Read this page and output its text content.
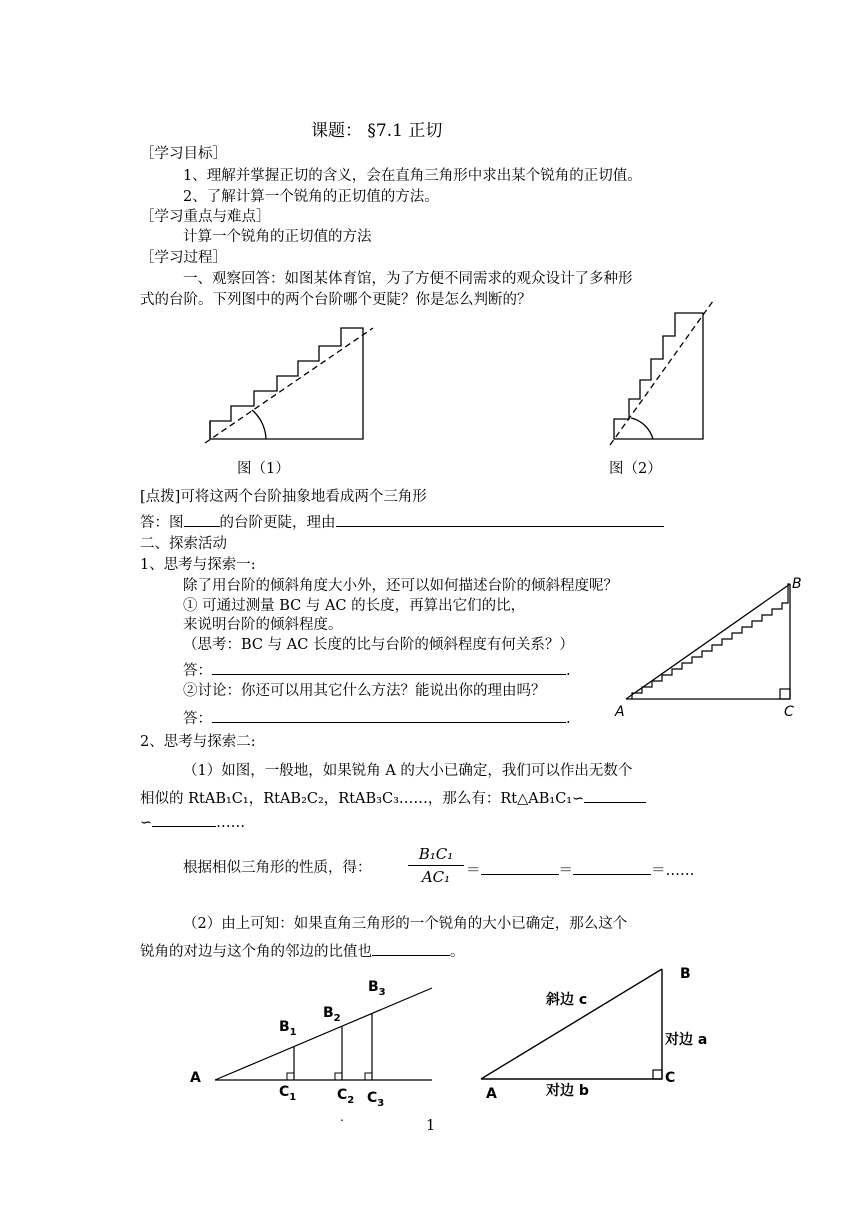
课题： §7.1 正切
［学习目标］
1、理解并掌握正切的含义，会在直角三角形中求出某个锐角的正切值。
2、了解计算一个锐角的正切值的方法。
［学习重点与难点］
计算一个锐角的正切值的方法
［学习过程］
一、观察回答：如图某体育馆，为了方便不同需求的观众设计了多种形
式的台阶。下列图中的两个台阶哪个更陡？你是怎么判断的？
图（1）	图（2）
[点拨]可将这两个台阶抽象地看成两个三角形
答：图 的台阶更陡，理由
二、探索活动
1、思考与探索一:
除了用台阶的倾斜角度大小外，还可以如何描述台阶的倾斜程度呢？
① 可通过测量 BC 与 AC 的长度，再算出它们的比，
来说明台阶的倾斜程度。
（思考：BC 与 AC 长度的比与台阶的倾斜程度有何关系？）
答：	.
②讨论：你还可以用其它什么方法？能说出你的理由吗？
答：	.	A
B
C
2、思考与探索二:
（1）如图，一般地，如果锐角 A 的大小已确定，我们可以作出无数个
相似的 RtAB₁C₁，RtAB₂C₂，RtAB₃C₃……，那么有：Rt△AB₁C₁∽
∽	……
根据相似三角形的性质，得： $\frac{\text{B₁C₁}}{\text{AC₁}}$ ＝	＝	＝……
（2）由上可知：如果直角三角形的一个锐角的大小已确定，那么这个
锐角的对边与这个角的邻边的比值也	。
A
$B_1$
$B_2$
$B_3$
$C_1$	$C_2$ $C_3$
A
B
C
斜边 c
对边 a
对边 b
.
1
